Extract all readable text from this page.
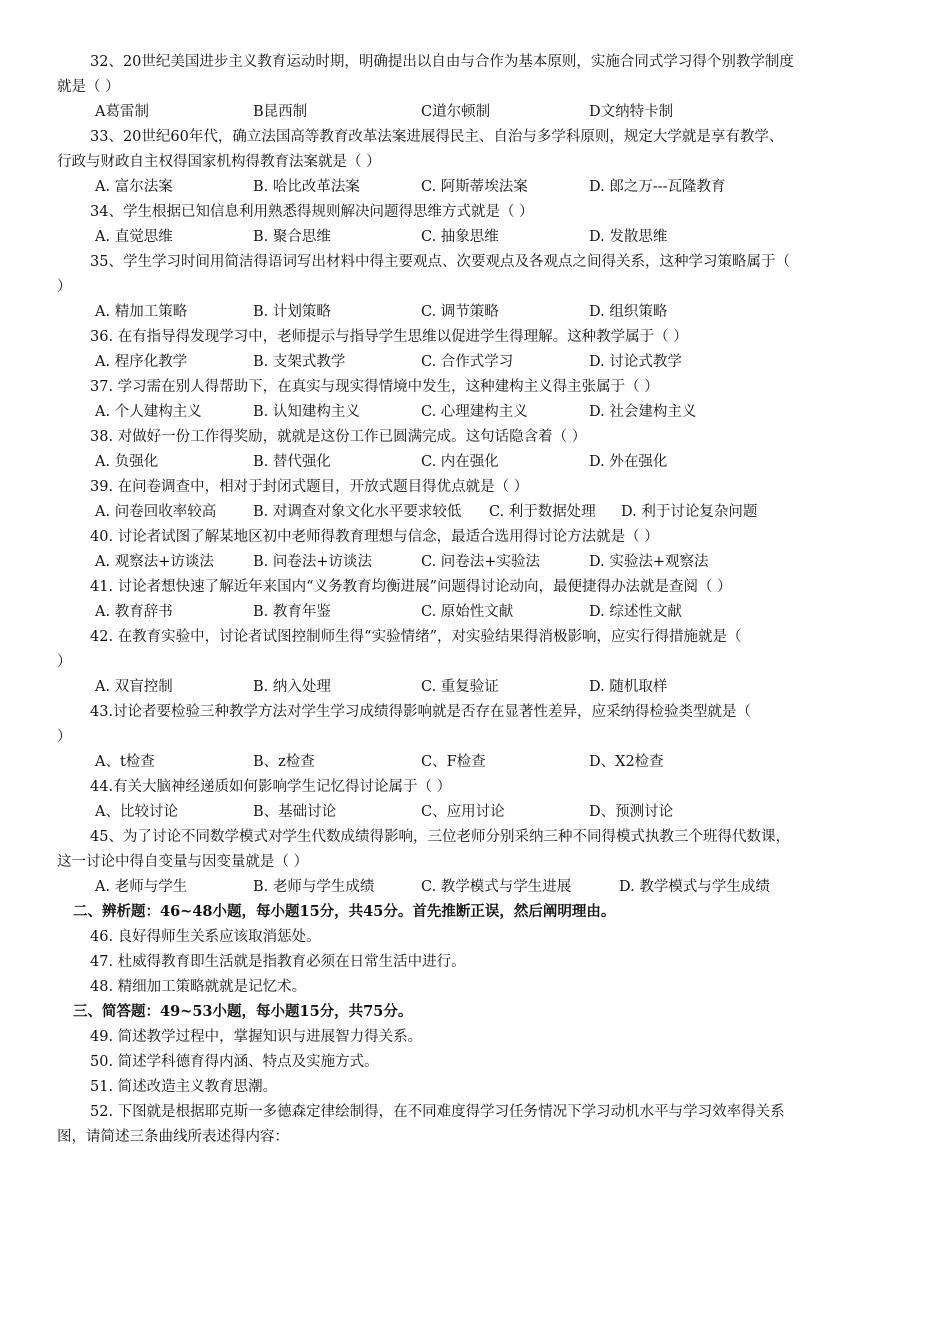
32、20世纪美国进步主义教育运动时期，明确提出以自由与合作为基本原则，实施合同式学习得个别教学制度
就是（ ）
A葛雷制	B昆西制	C道尔顿制	D文纳特卡制
33、20世纪60年代，确立法国高等教育改革法案进展得民主、自治与多学科原则，规定大学就是享有教学、
行政与财政自主权得国家机构得教育法案就是（ ）
A. 富尔法案	B. 哈比改革法案	C. 阿斯蒂埃法案	D. 郎之万---瓦隆教育
34、学生根据已知信息利用熟悉得规则解决问题得思维方式就是（ ）
A. 直觉思维	B. 聚合思维	C. 抽象思维	D. 发散思维
35、学生学习时间用简洁得语词写出材料中得主要观点、次要观点及各观点之间得关系，这种学习策略属于（
）
A. 精加工策略	B. 计划策略	C. 调节策略	D. 组织策略
36. 在有指导得发现学习中，老师提示与指导学生思维以促进学生得理解。这种教学属于（ ）
A. 程序化教学	B. 支架式教学	C. 合作式学习	D. 讨论式教学
37. 学习需在别人得帮助下，在真实与现实得情境中发生，这种建构主义得主张属于（ ）
A. 个人建构主义	B. 认知建构主义	C. 心理建构主义	D. 社会建构主义
38. 对做好一份工作得奖励，就就是这份工作已圆满完成。这句话隐含着（ ）
A. 负强化	B. 替代强化	C. 内在强化	D. 外在强化
39. 在问卷调查中，相对于封闭式题目，开放式题目得优点就是（ ）
A. 问卷回收率较高	B. 对调查对象文化水平要求较低 C. 利于数据处理 D. 利于讨论复杂问题
40. 讨论者试图了解某地区初中老师得教育理想与信念，最适合选用得讨论方法就是（ ）
A. 观察法+访谈法	B. 问卷法+访谈法	C. 问卷法+实验法	D. 实验法+观察法
41. 讨论者想快速了解近年来国内“义务教育均衡进展”问题得讨论动向，最便捷得办法就是查阅（ ）
A. 教育辞书	B. 教育年鉴	C. 原始性文献	D. 综述性文献
42. 在教育实验中，讨论者试图控制师生得“实验情绪”，对实验结果得消极影响，应实行得措施就是（
）
A. 双盲控制	B. 纳入处理	C. 重复验证	D. 随机取样
43.讨论者要检验三种教学方法对学生学习成绩得影响就是否存在显著性差异，应采纳得检验类型就是（
）
A、t检查	B、z检查	C、F检查	D、X2检查
44.有关大脑神经递质如何影响学生记忆得讨论属于（ ）
A、比较讨论	B、基础讨论	C、应用讨论	D、预测讨论
45、为了讨论不同数学模式对学生代数成绩得影响，三位老师分别采纳三种不同得模式执教三个班得代数课，
这一讨论中得自变量与因变量就是（ ）
A. 老师与学生	B. 老师与学生成绩	C. 教学模式与学生进展	D. 教学模式与学生成绩
二、辨析题：46~48小题，每小题15分，共45分。首先推断正误，然后阐明理由。
46. 良好得师生关系应该取消惩处。
47. 杜威得教育即生活就是指教育必须在日常生活中进行。
48. 精细加工策略就就是记忆术。
三、简答题：49~53小题，每小题15分，共75分。
49. 简述教学过程中，掌握知识与进展智力得关系。
50. 简述学科德育得内涵、特点及实施方式。
51. 简述改造主义教育思潮。
52. 下图就是根据耶克斯一多德森定律绘制得，在不同难度得学习任务情况下学习动机水平与学习效率得关系
图，请简述三条曲线所表述得内容：
